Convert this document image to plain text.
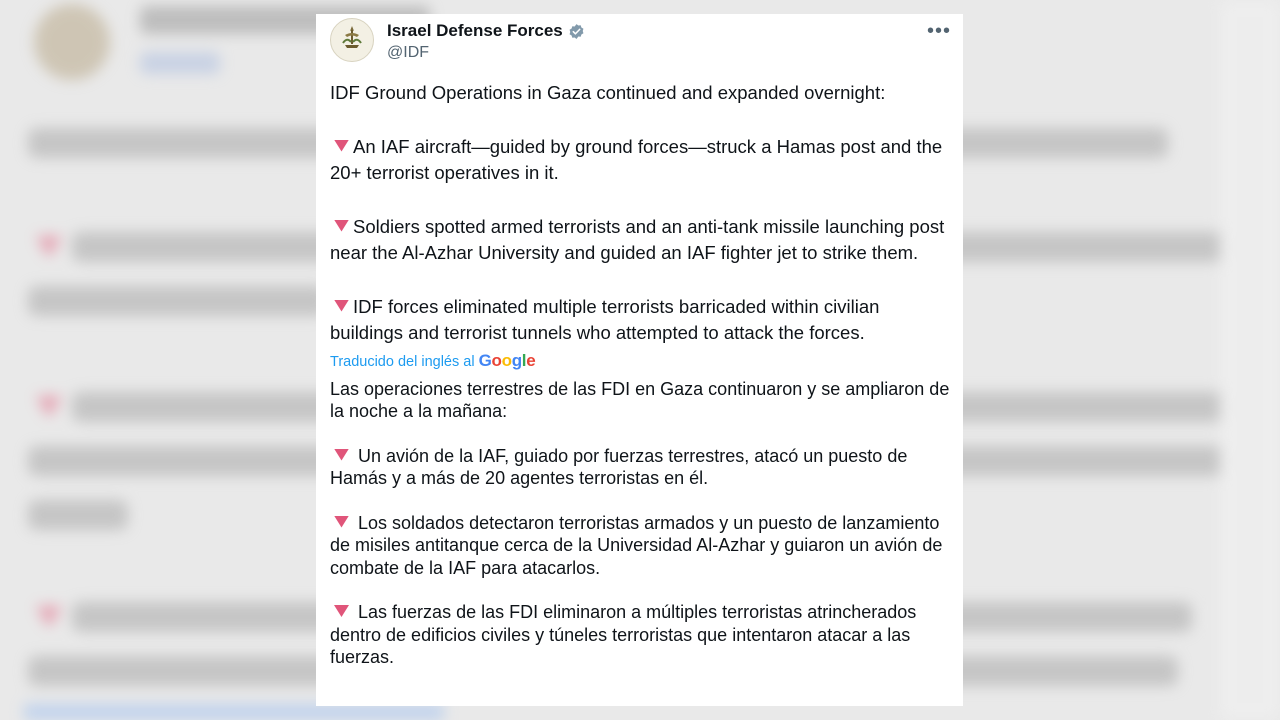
Israel Defense Forces
@IDF
•••

IDF Ground Operations in Gaza continued and expanded overnight:

An IAF aircraft—guided by ground forces—struck a Hamas post and the 20+ terrorist operatives in it.

Soldiers spotted armed terrorists and an anti-tank missile launching post near the Al-Azhar University and guided an IAF fighter jet to strike them.

IDF forces eliminated multiple terrorists barricaded within civilian buildings and terrorist tunnels who attempted to attack the forces.

Traducido del inglés al Google

Las operaciones terrestres de las FDI en Gaza continuaron y se ampliaron de la noche a la mañana:

Un avión de la IAF, guiado por fuerzas terrestres, atacó un puesto de Hamás y a más de 20 agentes terroristas en él.

Los soldados detectaron terroristas armados y un puesto de lanzamiento de misiles antitanque cerca de la Universidad Al-Azhar y guiaron un avión de combate de la IAF para atacarlos.

Las fuerzas de las FDI eliminaron a múltiples terroristas atrincherados dentro de edificios civiles y túneles terroristas que intentaron atacar a las fuerzas.
